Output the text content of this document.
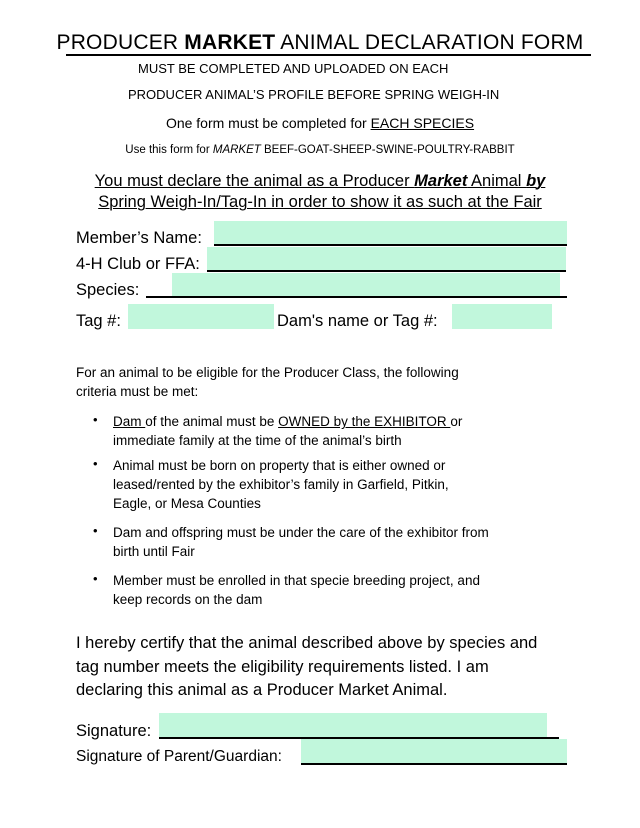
PRODUCER MARKET ANIMAL DECLARATION FORM
MUST BE COMPLETED AND UPLOADED ON EACH
PRODUCER ANIMAL’S PROFILE BEFORE SPRING WEIGH-IN
One form must be completed for EACH SPECIES
Use this form for MARKET BEEF-GOAT-SHEEP-SWINE-POULTRY-RABBIT
You must declare the animal as a Producer Market Animal by
Spring Weigh-In/Tag-In in order to show it as such at the Fair
Member’s Name:
4-H Club or FFA:
Species:
Tag #:	Dam's name or Tag #:
For an animal to be eligible for the Producer Class, the following
criteria must be met:
• Dam of the animal must be OWNED by the EXHIBITOR or
immediate family at the time of the animal’s birth
• Animal must be born on property that is either owned or
leased/rented by the exhibitor’s family in Garfield, Pitkin,
Eagle, or Mesa Counties
• Dam and offspring must be under the care of the exhibitor from
birth until Fair
• Member must be enrolled in that specie breeding project, and
keep records on the dam
I hereby certify that the animal described above by species and
tag number meets the eligibility requirements listed. I am
declaring this animal as a Producer Market Animal.
Signature:
Signature of Parent/Guardian:
